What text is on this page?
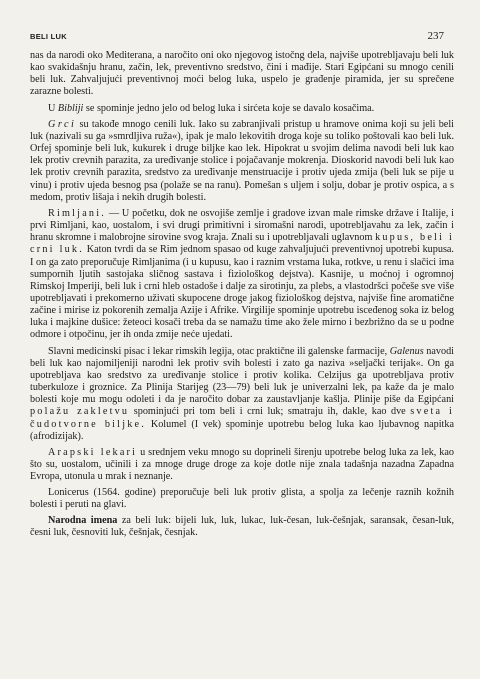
BELI LUK	237

nas da narodi oko Mediterana, a naročito oni oko njegovog istočng dela, najviše upotrebljavaju beli luk kao svakidašnju hranu, začin, lek, preventivno sredstvo, čini i mađije. Stari Egipćani su mnogo cenili beli luk. Zahvaljujući preventivnoj moći belog luka, uspelo je građenje piramida, jer su sprečene zarazne bolesti.

U Bibliji se spominje jedno jelo od belog luka i sirćeta koje se davalo kosačima.

Grci su takođe mnogo cenili luk. Iako su zabranjivali pristup u hramove onima koji su jeli beli luk (nazivali su ga »smrdljiva ruža«), ipak je malo lekovitih droga koje su toliko poštovali kao beli luk. Orfej spominje beli luk, kukurek i druge biljke kao lek. Hipokrat u svojim delima navodi beli luk kao lek protiv crevnih parazita, za uređivanje stolice i pojačavanje mokrenja. Dioskorid navodi beli luk kao lek protiv crevnih parazita, sredstvo za uređivanje menstruacije i protiv ujeda zmija (beli luk se pije u vinu) i protiv ujeda besnog psa (polaže se na ranu). Pomešan s uljem i solju, dobar je protiv ospica, a s medom, protiv lišaja i nekih drugih bolesti.

Rimljani. — U početku, dok ne osvojiše zemlje i gradove izvan male rimske države i Italije, i prvi Rimljani, kao, uostalom, i svi drugi primitivni i siromašni narodi, upotrebljavahu za lek, začin i hranu skromne i malobrojne sirovine svog kraja. Znali su i upotrebljavali uglavnom kupus, beli i crni luk. Katon tvrdi da se Rim jednom spasao od kuge zahvaljujući preventivnoj upotrebi kupusa. I on ga zato preporučuje Rimljanima (i u kupusu, kao i raznim vrstama luka, rotkve, u renu i slačici ima sumpornih ljutih sastojaka sličnog sastava i fiziološkog dejstva). Kasnije, u moćnoj i ogromnoj Rimskoj Imperiji, beli luk i crni hleb ostadoše i dalje za sirotinju, za plebs, a vlastodršci počeše sve više upotrebljavati i prekomerno uživati skupocene droge jakog fiziološkog dejstva, najviše fine aromatične začine i mirise iz pokorenih zemalja Azije i Afrike. Virgilije spominje upotrebu iscеđenog soka iz belog luka i majkine dušice: žeteoci kosači treba da se namažu time ako žele mirno i bezbrižno da se u podne odmore i otpočinu, jer ih onda zmije neće ujedati.

Slavni medicinski pisac i lekar rimskih legija, otac praktične ili galenske farmacije, Galenus navodi beli luk kao najomiljeniji narodni lek protiv svih bolesti i zato ga naziva »seljački terijak«. On ga upotrebljava kao sredstvo za uređivanje stolice i protiv kolika. Celzijus ga upotrebljava protiv tuberkuloze i groznice. Za Plinija Starijeg (23—79) beli luk je univerzalni lek, pa kaže da je malo bolesti koje mu mogu odoleti i da je naročito dobar za zaustavljanje kašlja. Plinije piše da Egipćani polažu zakletvu spominjući pri tom beli i crni luk; smatraju ih, dakle, kao dve sveta i čudotvorne biljke. Kolumel (I vek) spominje upotrebu belog luka kao ljubavnog napitka (afrodizijak).

Arapski lekari u srednjem veku mnogo su doprineli širenju upotrebe belog luka za lek, kao što su, uostalom, učinili i za mnoge druge droge za koje dotle nije znala tadašnja nazadna Zapadna Evropa, utonula u mrak i neznanje.

Lonicerus (1564. godine) preporučuje beli luk protiv glista, a spolja za lečenje raznih kožnih bolesti i peruti na glavi.

Narodna imena za beli luk: bijeli luk, luk, lukac, luk-česan, luk-češnjak, saransak, česan-luk, česni luk, česnoviti luk, češnjak, česnjak.
